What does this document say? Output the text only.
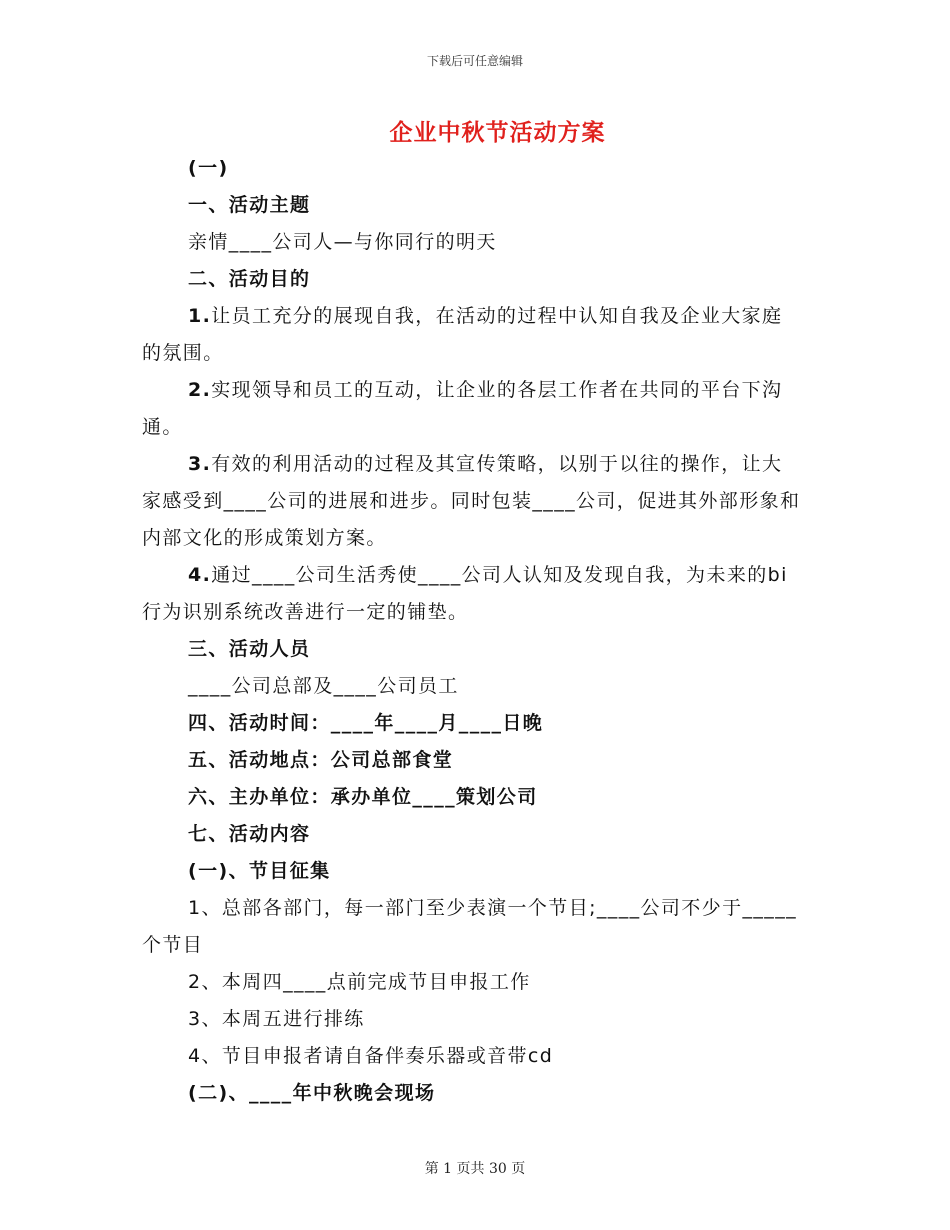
下载后可任意编辑
企业中秋节活动方案

(一)

一、活动主题

亲情____公司人—与你同行的明天

二、活动目的

1.让员工充分的展现自我，在活动的过程中认知自我及企业大家庭的氛围。

2.实现领导和员工的互动，让企业的各层工作者在共同的平台下沟通。

3.有效的利用活动的过程及其宣传策略，以别于以往的操作，让大家感受到____公司的进展和进步。同时包装____公司，促进其外部形象和内部文化的形成策划方案。

4.通过____公司生活秀使____公司人认知及发现自我，为未来的bi 行为识别系统改善进行一定的铺垫。

三、活动人员

____公司总部及____公司员工

四、活动时间：____年____月____日晚

五、活动地点：公司总部食堂

六、主办单位：承办单位____策划公司

七、活动内容

(一)、节目征集

1、总部各部门，每一部门至少表演一个节目;____公司不少于_____个节目

2、本周四____点前完成节目申报工作

3、本周五进行排练

4、节目申报者请自备伴奏乐器或音带cd

(二)、____年中秋晚会现场

第 1 页共 30 页
